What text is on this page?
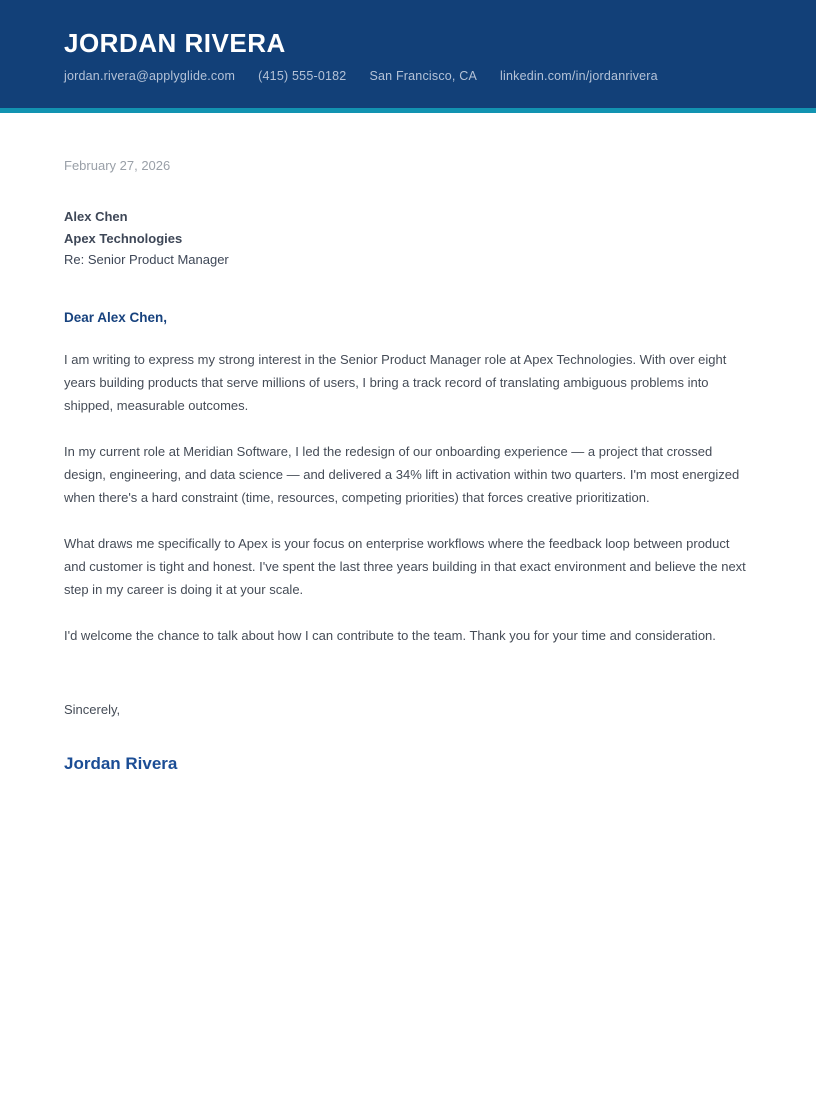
JORDAN RIVERA
jordan.rivera@applyglide.com (415) 555-0182 San Francisco, CA linkedin.com/in/jordanrivera

February 27, 2026

Alex Chen

Apex Technologies

Re: Senior Product Manager

Dear Alex Chen,

I am writing to express my strong interest in the Senior Product Manager role at Apex Technologies. With over eight years building products that serve millions of users, I bring a track record of translating ambiguous problems into shipped, measurable outcomes.

In my current role at Meridian Software, I led the redesign of our onboarding experience — a project that crossed design, engineering, and data science — and delivered a 34% lift in activation within two quarters. I'm most energized when there's a hard constraint (time, resources, competing priorities) that forces creative prioritization.

What draws me specifically to Apex is your focus on enterprise workflows where the feedback loop between product and customer is tight and honest. I've spent the last three years building in that exact environment and believe the next step in my career is doing it at your scale.

I'd welcome the chance to talk about how I can contribute to the team. Thank you for your time and consideration.

Sincerely,

Jordan Rivera
